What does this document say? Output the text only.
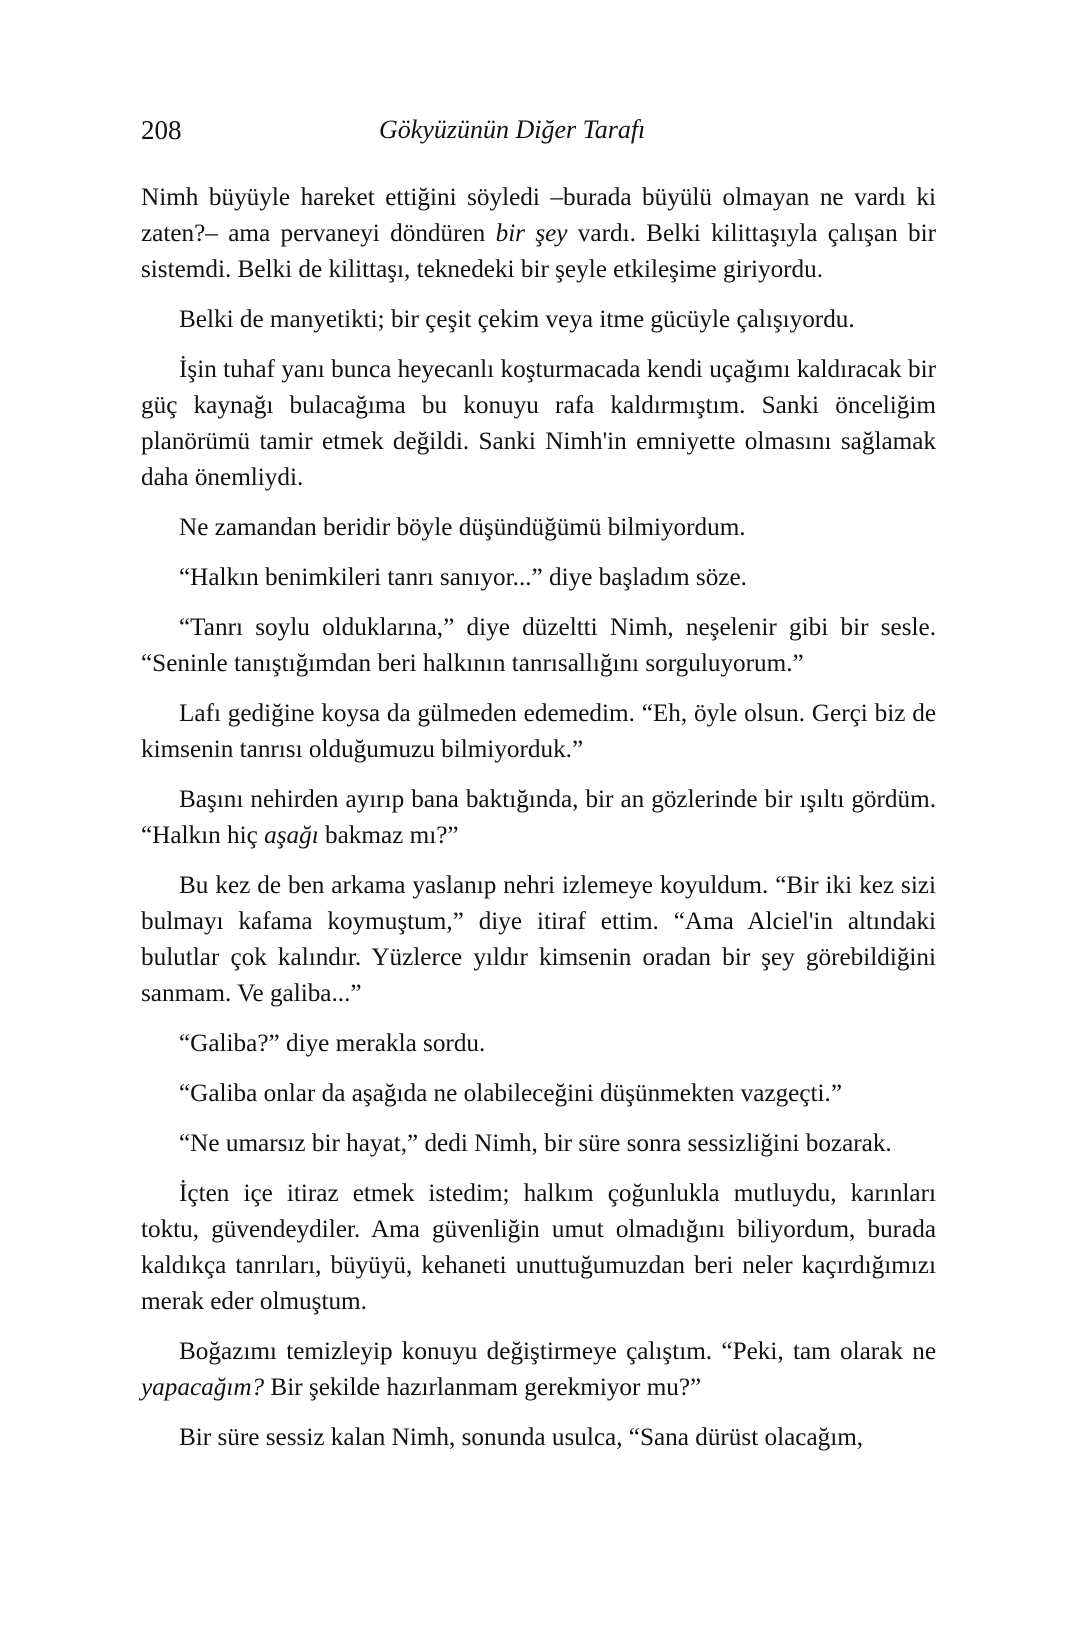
208	Gökyüzünün Diğer Tarafı

Nimh büyüyle hareket ettiğini söyledi –burada büyülü olmayan ne vardı ki zaten?– ama pervaneyi döndüren bir şey vardı. Belki kilittaşıyla çalışan bir sistemdi. Belki de kilittaşı, teknedeki bir şeyle etkileşime giriyordu.

Belki de manyetikti; bir çeşit çekim veya itme gücüyle çalışıyordu.

İşin tuhaf yanı bunca heyecanlı koşturmacada kendi uçağımı kaldıracak bir güç kaynağı bulacağıma bu konuyu rafa kaldırmıştım. Sanki önceliğim planörümü tamir etmek değildi. Sanki Nimh'in emniyette olmasını sağlamak daha önemliydi.

Ne zamandan beridir böyle düşündüğümü bilmiyordum.

“Halkın benimkileri tanrı sanıyor...” diye başladım söze.

“Tanrı soylu olduklarına,” diye düzeltti Nimh, neşelenir gibi bir sesle. “Seninle tanıştığımdan beri halkının tanrısallığını sorguluyorum.”

Lafı gediğine koysa da gülmeden edemedim. “Eh, öyle olsun. Gerçi biz de kimsenin tanrısı olduğumuzu bilmiyorduk.”

Başını nehirden ayırıp bana baktığında, bir an gözlerinde bir ışıltı gördüm. “Halkın hiç aşağı bakmaz mı?”

Bu kez de ben arkama yaslanıp nehri izlemeye koyuldum. “Bir iki kez sizi bulmayı kafama koymuştum,” diye itiraf ettim. “Ama Alciel'in altındaki bulutlar çok kalındır. Yüzlerce yıldır kimsenin oradan bir şey görebildiğini sanmam. Ve galiba...”

“Galiba?” diye merakla sordu.

“Galiba onlar da aşağıda ne olabileceğini düşünmekten vazgeçti.”

“Ne umarsız bir hayat,” dedi Nimh, bir süre sonra sessizliğini bozarak.

İçten içe itiraz etmek istedim; halkım çoğunlukla mutluydu, karınları toktu, güvendeydiler. Ama güvenliğin umut olmadığını biliyordum, burada kaldıkça tanrıları, büyüyü, kehaneti unuttuğumuzdan beri neler kaçırdığımızı merak eder olmuştum.

Boğazımı temizleyip konuyu değiştirmeye çalıştım. “Peki, tam olarak ne yapacağım? Bir şekilde hazırlanmam gerekmiyor mu?”

Bir süre sessiz kalan Nimh, sonunda usulca, “Sana dürüst olacağım,
